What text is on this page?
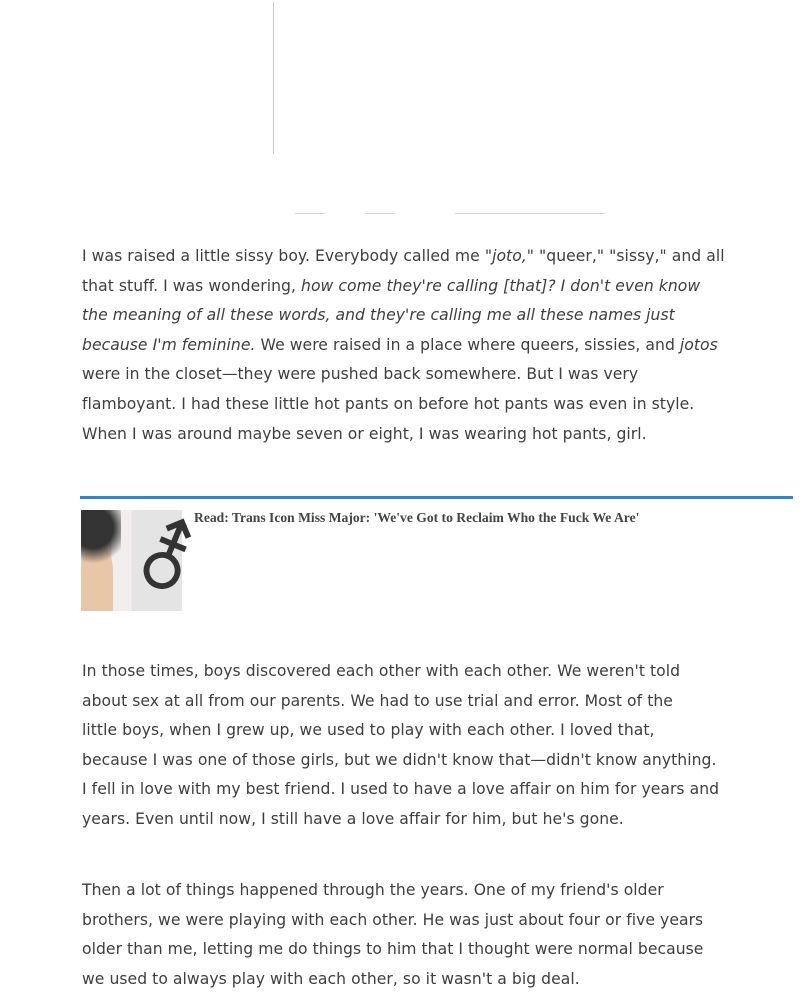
I was raised a little sissy boy. Everybody called me "joto," "queer," "sissy," and all
that stuff. I was wondering, how come they're calling [that]? I don't even know
the meaning of all these words, and they're calling me all these names just
because I'm feminine. We were raised in a place where queers, sissies, and jotos
were in the closet—they were pushed back somewhere. But I was very
flamboyant. I had these little hot pants on before hot pants was even in style.
When I was around maybe seven or eight, I was wearing hot pants, girl.
⚦
Read: Trans Icon Miss Major: 'We've Got to Reclaim Who the Fuck We Are'
In those times, boys discovered each other with each other. We weren't told
about sex at all from our parents. We had to use trial and error. Most of the
little boys, when I grew up, we used to play with each other. I loved that,
because I was one of those girls, but we didn't know that—didn't know anything.
I fell in love with my best friend. I used to have a love affair on him for years and
years. Even until now, I still have a love affair for him, but he's gone.
Then a lot of things happened through the years. One of my friend's older
brothers, we were playing with each other. He was just about four or five years
older than me, letting me do things to him that I thought were normal because
we used to always play with each other, so it wasn't a big deal.
